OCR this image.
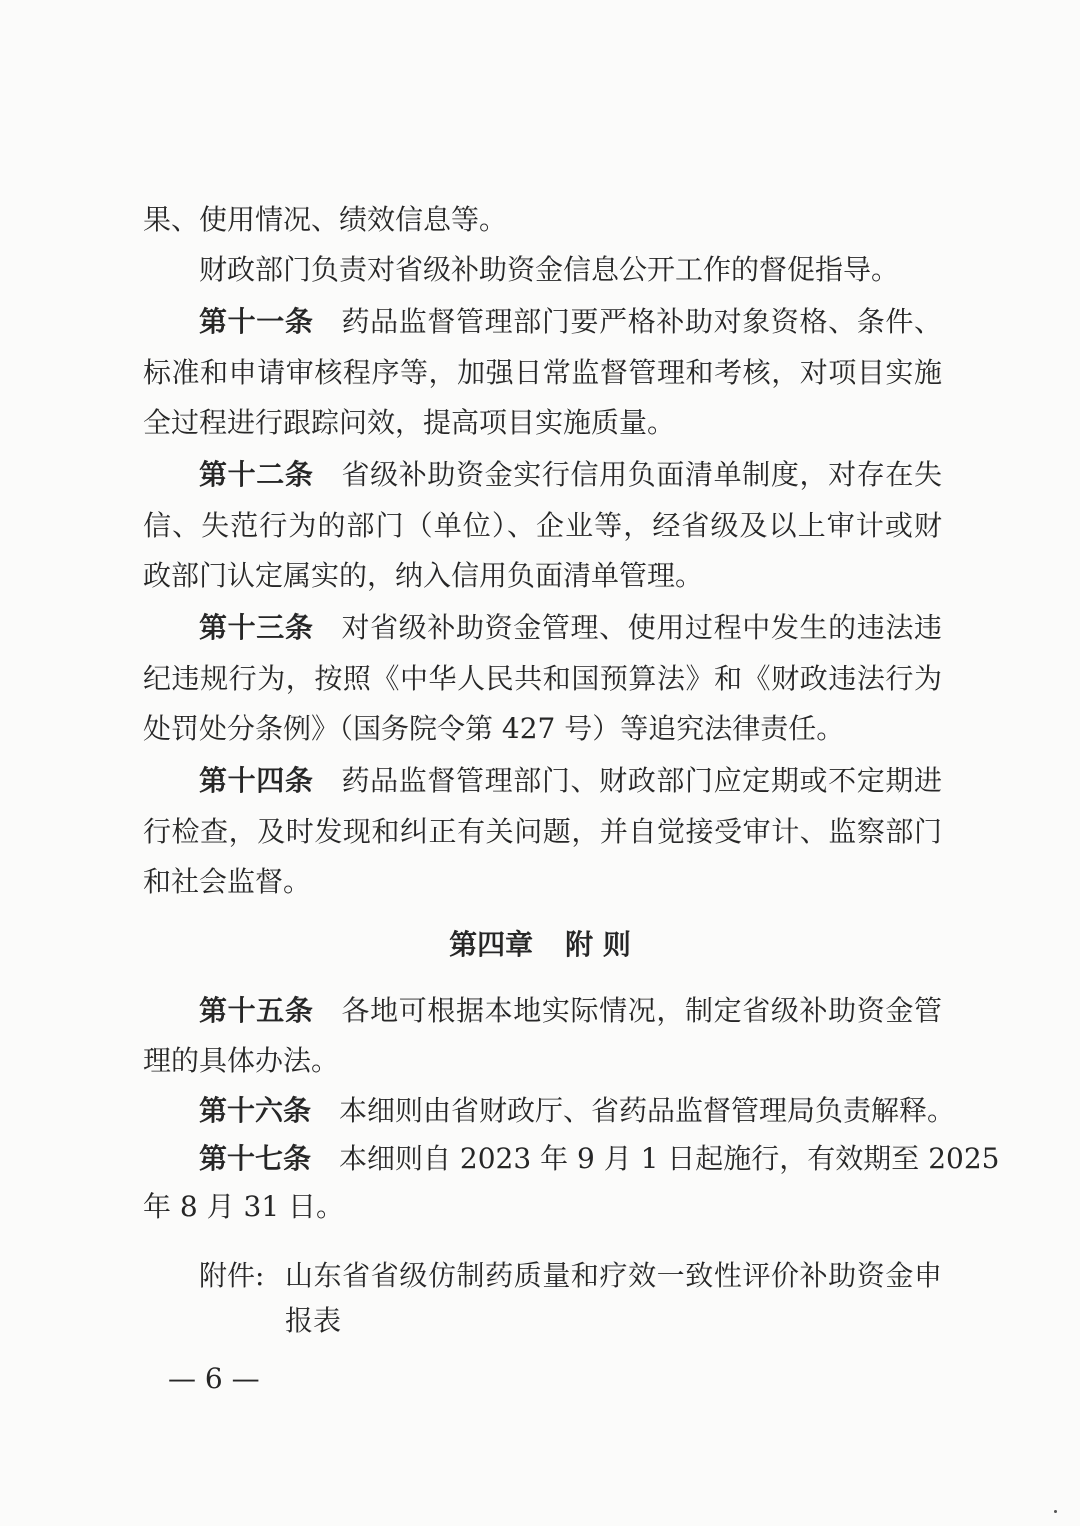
果、使用情况、绩效信息等。
财政部门负责对省级补助资金信息公开工作的督促指导。
第十一条 药品监督管理部门要严格补助对象资格、条件、
标准和申请审核程序等，加强日常监督管理和考核，对项目实施
全过程进行跟踪问效，提高项目实施质量。
第十二条 省级补助资金实行信用负面清单制度，对存在失
信、失范行为的部门（单位）、企业等，经省级及以上审计或财
政部门认定属实的，纳入信用负面清单管理。
第十三条 对省级补助资金管理、使用过程中发生的违法违
纪违规行为，按照《中华人民共和国预算法》和《财政违法行为
处罚处分条例》（国务院令第 427 号）等追究法律责任。
第十四条 药品监督管理部门、财政部门应定期或不定期进
行检查，及时发现和纠正有关问题，并自觉接受审计、监察部门
和社会监督。
第四章 附 则
第十五条 各地可根据本地实际情况，制定省级补助资金管
理的具体办法。
第十六条 本细则由省财政厅、省药品监督管理局负责解释。
第十七条 本细则自 2023 年 9 月 1 日起施行，有效期至 2025
年 8 月 31 日。
附件: 山东省省级仿制药质量和疗效一致性评价补助资金申
报表
— 6 —
